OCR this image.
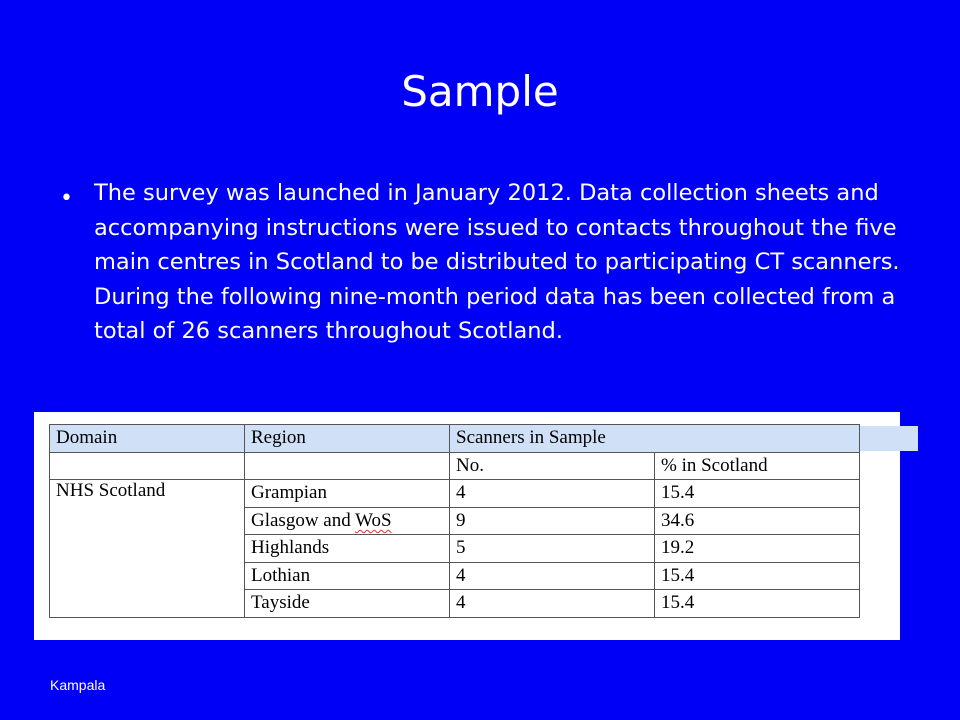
Sample
• The survey was launched in January 2012. Data collection sheets and accompanying instructions were issued to contacts throughout the five main centres in Scotland to be distributed to participating CT scanners. During the following nine-month period data has been collected from a total of 26 scanners throughout Scotland.
Domain	Region	Scanners in Sample	
		No.	% in Scotland
NHS Scotland	Grampian	4	15.4
	Glasgow and WoS	9	34.6
	Highlands	5	19.2
	Lothian	4	15.4
	Tayside	4	15.4
Kampala
